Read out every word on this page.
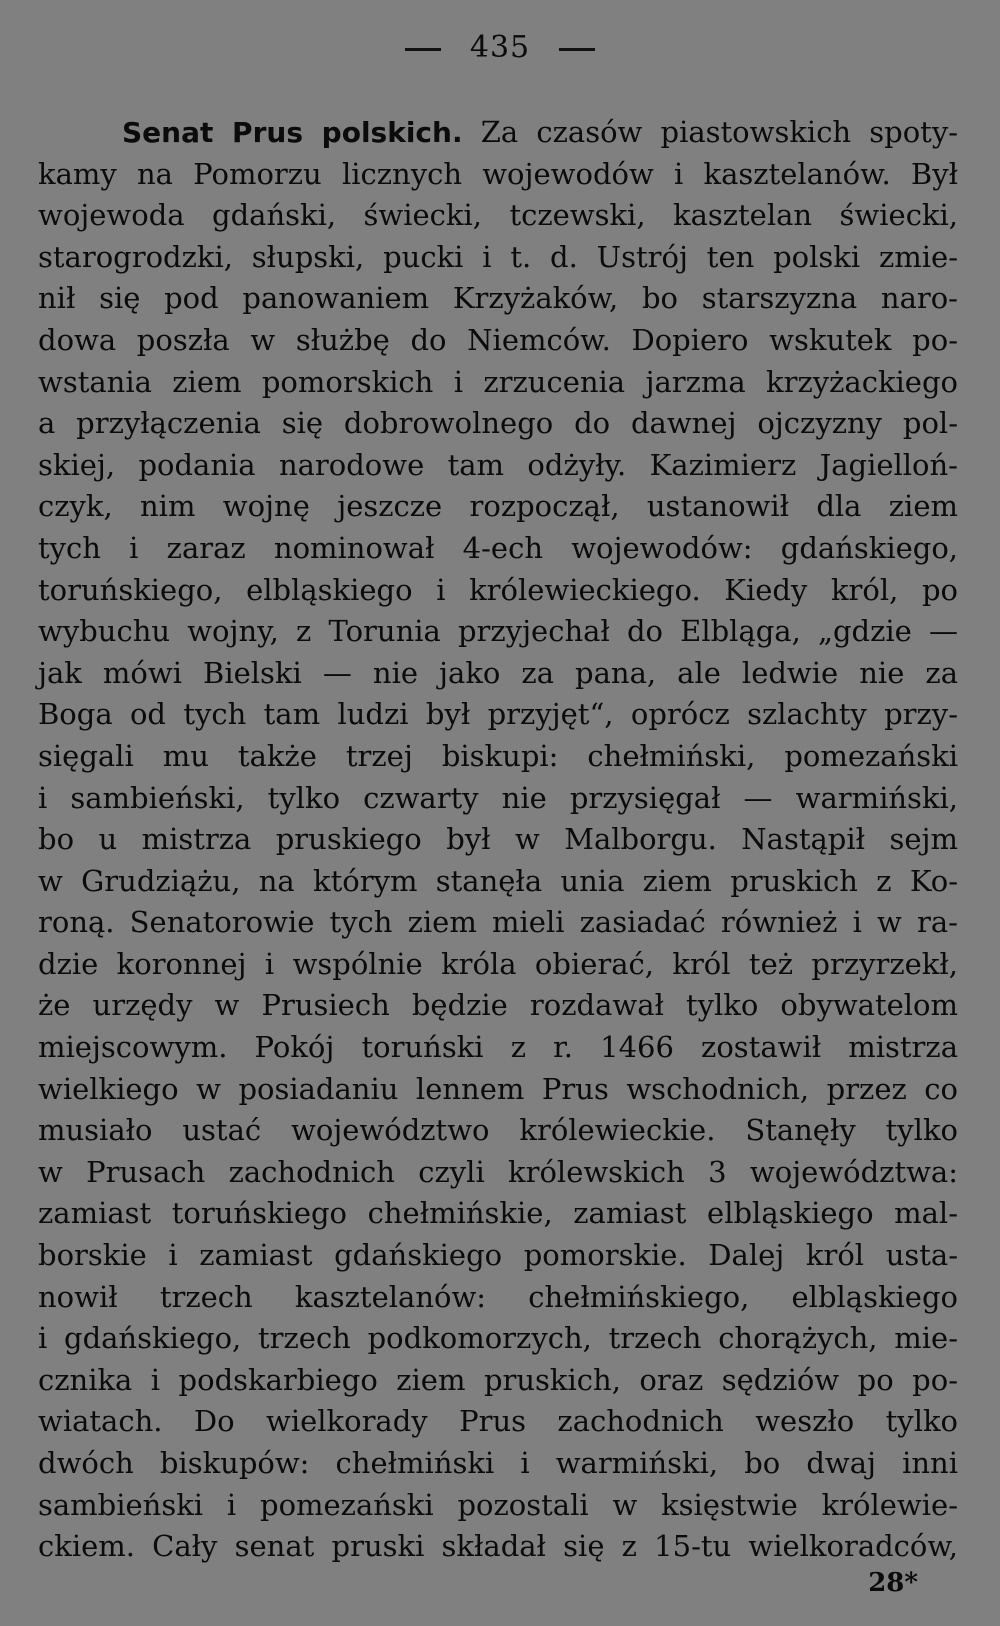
435
Senat Prus polskich. Za czasów piastowskich spoty-
kamy na Pomorzu licznych wojewodów i kasztelanów. Był
wojewoda gdański, świecki, tczewski, kasztelan świecki,
starogrodzki, słupski, pucki i t. d. Ustrój ten polski zmie-
nił się pod panowaniem Krzyżaków, bo starszyzna naro-
dowa poszła w służbę do Niemców. Dopiero wskutek po-
wstania ziem pomorskich i zrzucenia jarzma krzyżackiego
a przyłączenia się dobrowolnego do dawnej ojczyzny pol-
skiej, podania narodowe tam odżyły. Kazimierz Jagielloń-
czyk, nim wojnę jeszcze rozpoczął, ustanowił dla ziem
tych i zaraz nominował 4-ech wojewodów: gdańskiego,
toruńskiego, elbląskiego i królewieckiego. Kiedy król, po
wybuchu wojny, z Torunia przyjechał do Elbląga, „gdzie —
jak mówi Bielski — nie jako za pana, ale ledwie nie za
Boga od tych tam ludzi był przyjęt“, oprócz szlachty przy-
sięgali mu także trzej biskupi: chełmiński, pomezański
i sambieński, tylko czwarty nie przysięgał — warmiński,
bo u mistrza pruskiego był w Malborgu. Nastąpił sejm
w Grudziążu, na którym stanęła unia ziem pruskich z Ko-
roną. Senatorowie tych ziem mieli zasiadać również i w ra-
dzie koronnej i wspólnie króla obierać, król też przyrzekł,
że urzędy w Prusiech będzie rozdawał tylko obywatelom
miejscowym. Pokój toruński z r. 1466 zostawił mistrza
wielkiego w posiadaniu lennem Prus wschodnich, przez co
musiało ustać województwo królewieckie. Stanęły tylko
w Prusach zachodnich czyli królewskich 3 województwa:
zamiast toruńskiego chełmińskie, zamiast elbląskiego mal-
borskie i zamiast gdańskiego pomorskie. Dalej król usta-
nowił trzech kasztelanów: chełmińskiego, elbląskiego
i gdańskiego, trzech podkomorzych, trzech chorążych, mie-
cznika i podskarbiego ziem pruskich, oraz sędziów po po-
wiatach. Do wielkorady Prus zachodnich weszło tylko
dwóch biskupów: chełmiński i warmiński, bo dwaj inni
sambieński i pomezański pozostali w księstwie królewie-
ckiem. Cały senat pruski składał się z 15-tu wielkoradców,
28*
